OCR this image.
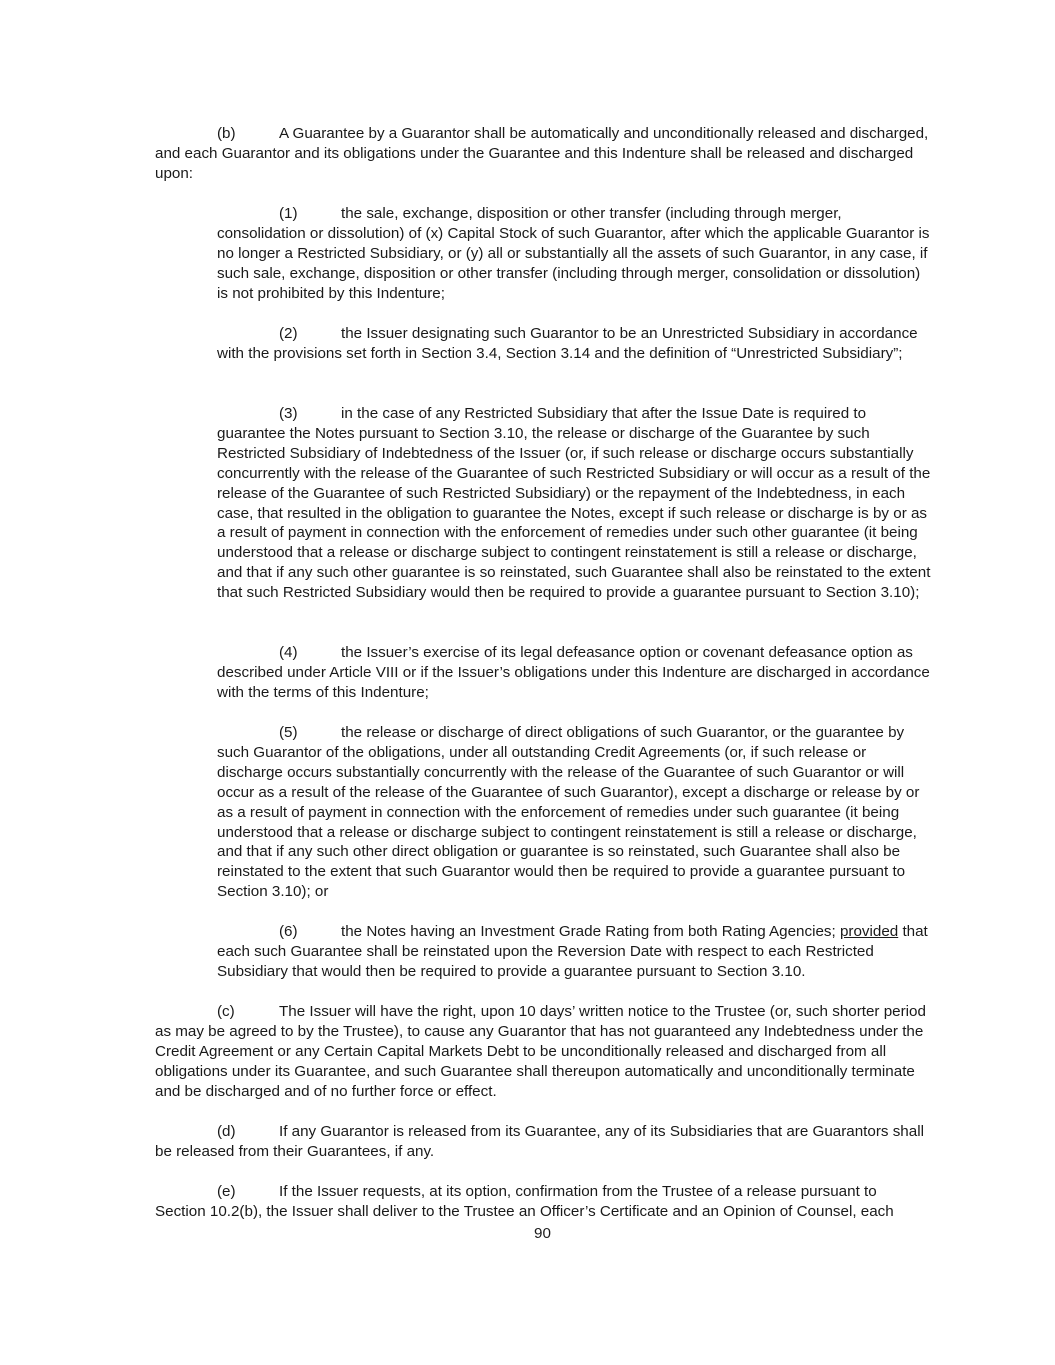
(b)	A Guarantee by a Guarantor shall be automatically and unconditionally released and discharged, and each Guarantor and its obligations under the Guarantee and this Indenture shall be released and discharged upon:

(1)	the sale, exchange, disposition or other transfer (including through merger, consolidation or dissolution) of (x) Capital Stock of such Guarantor, after which the applicable Guarantor is no longer a Restricted Subsidiary, or (y) all or substantially all the assets of such Guarantor, in any case, if such sale, exchange, disposition or other transfer (including through merger, consolidation or dissolution) is not prohibited by this Indenture;

(2)	the Issuer designating such Guarantor to be an Unrestricted Subsidiary in accordance with the provisions set forth in Section 3.4, Section 3.14 and the definition of “Unrestricted Subsidiary”;

(3)	in the case of any Restricted Subsidiary that after the Issue Date is required to guarantee the Notes pursuant to Section 3.10, the release or discharge of the Guarantee by such Restricted Subsidiary of Indebtedness of the Issuer (or, if such release or discharge occurs substantially concurrently with the release of the Guarantee of such Restricted Subsidiary or will occur as a result of the release of the Guarantee of such Restricted Subsidiary) or the repayment of the Indebtedness, in each case, that resulted in the obligation to guarantee the Notes, except if such release or discharge is by or as a result of payment in connection with the enforcement of remedies under such other guarantee (it being understood that a release or discharge subject to contingent reinstatement is still a release or discharge, and that if any such other guarantee is so reinstated, such Guarantee shall also be reinstated to the extent that such Restricted Subsidiary would then be required to provide a guarantee pursuant to Section 3.10);

(4)	the Issuer’s exercise of its legal defeasance option or covenant defeasance option as described under Article VIII or if the Issuer’s obligations under this Indenture are discharged in accordance with the terms of this Indenture;

(5)	the release or discharge of direct obligations of such Guarantor, or the guarantee by such Guarantor of the obligations, under all outstanding Credit Agreements (or, if such release or discharge occurs substantially concurrently with the release of the Guarantee of such Guarantor or will occur as a result of the release of the Guarantee of such Guarantor), except a discharge or release by or as a result of payment in connection with the enforcement of remedies under such guarantee (it being understood that a release or discharge subject to contingent reinstatement is still a release or discharge, and that if any such other direct obligation or guarantee is so reinstated, such Guarantee shall also be reinstated to the extent that such Guarantor would then be required to provide a guarantee pursuant to Section 3.10); or

(6)	the Notes having an Investment Grade Rating from both Rating Agencies; provided that each such Guarantee shall be reinstated upon the Reversion Date with respect to each Restricted Subsidiary that would then be required to provide a guarantee pursuant to Section 3.10.

(c)	The Issuer will have the right, upon 10 days’ written notice to the Trustee (or, such shorter period as may be agreed to by the Trustee), to cause any Guarantor that has not guaranteed any Indebtedness under the Credit Agreement or any Certain Capital Markets Debt to be unconditionally released and discharged from all obligations under its Guarantee, and such Guarantee shall thereupon automatically and unconditionally terminate and be discharged and of no further force or effect.

(d)	If any Guarantor is released from its Guarantee, any of its Subsidiaries that are Guarantors shall be released from their Guarantees, if any.

(e)	If the Issuer requests, at its option, confirmation from the Trustee of a release pursuant to Section 10.2(b), the Issuer shall deliver to the Trustee an Officer’s Certificate and an Opinion of Counsel, each

90
